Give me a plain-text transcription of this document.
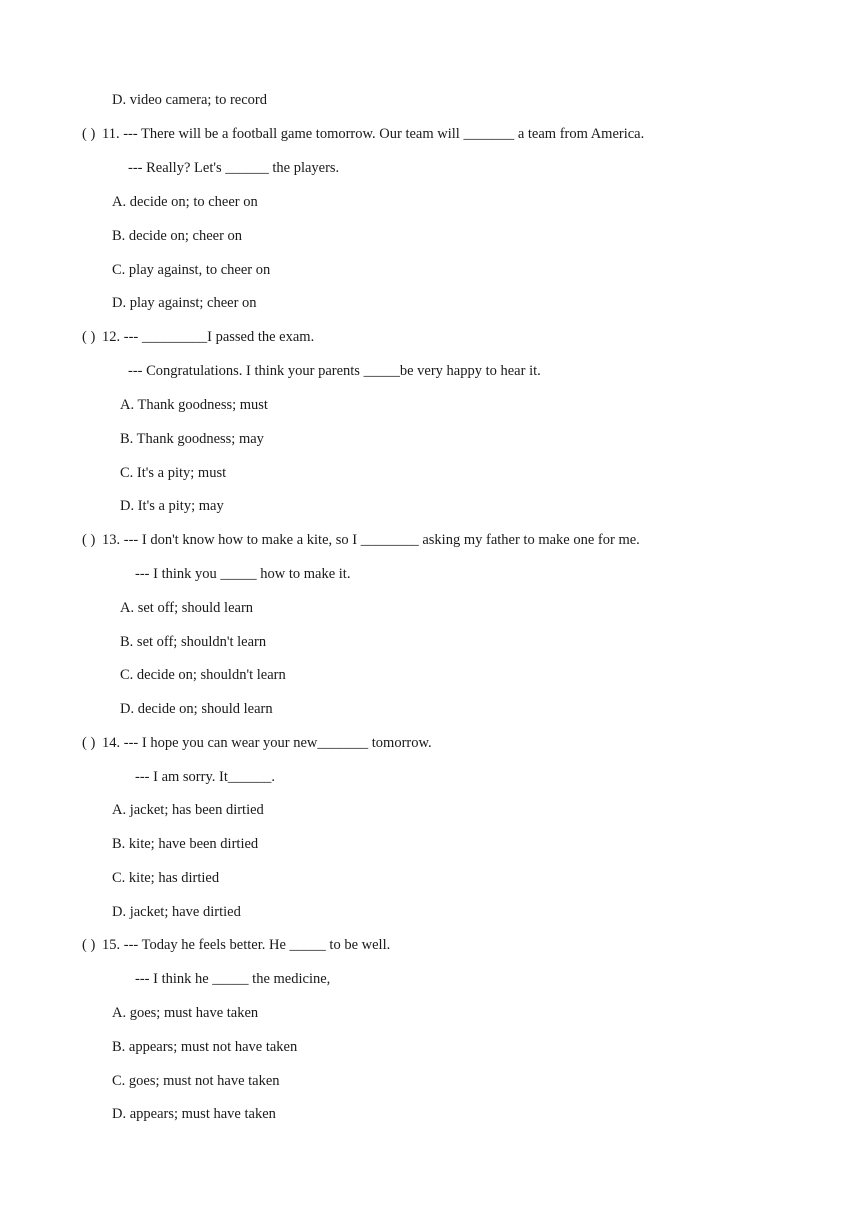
D. video camera; to record
( ) 11. --- There will be a football game tomorrow. Our team will _______ a team from America.
--- Really? Let's ______ the players.
A. decide on; to cheer on
B. decide on; cheer on
C. play against, to cheer on
D. play against; cheer on
( ) 12. --- _________I passed the exam.
--- Congratulations. I think your parents _____be very happy to hear it.
A. Thank goodness; must
B. Thank goodness; may
C. It's a pity; must
D. It's a pity; may
( ) 13. --- I don't know how to make a kite, so I ________ asking my father to make one for me.
--- I think you _____ how to make it.
A. set off; should learn
B. set off; shouldn't learn
C. decide on; shouldn't learn
D. decide on; should learn
( ) 14. --- I hope you can wear your new_______ tomorrow.
--- I am sorry. It______.
A. jacket; has been dirtied
B. kite; have been dirtied
C. kite; has dirtied
D. jacket; have dirtied
( ) 15. --- Today he feels better. He _____ to be well.
--- I think he _____ the medicine,
A. goes; must have taken
B. appears; must not have taken
C. goes; must not have taken
D. appears; must have taken
